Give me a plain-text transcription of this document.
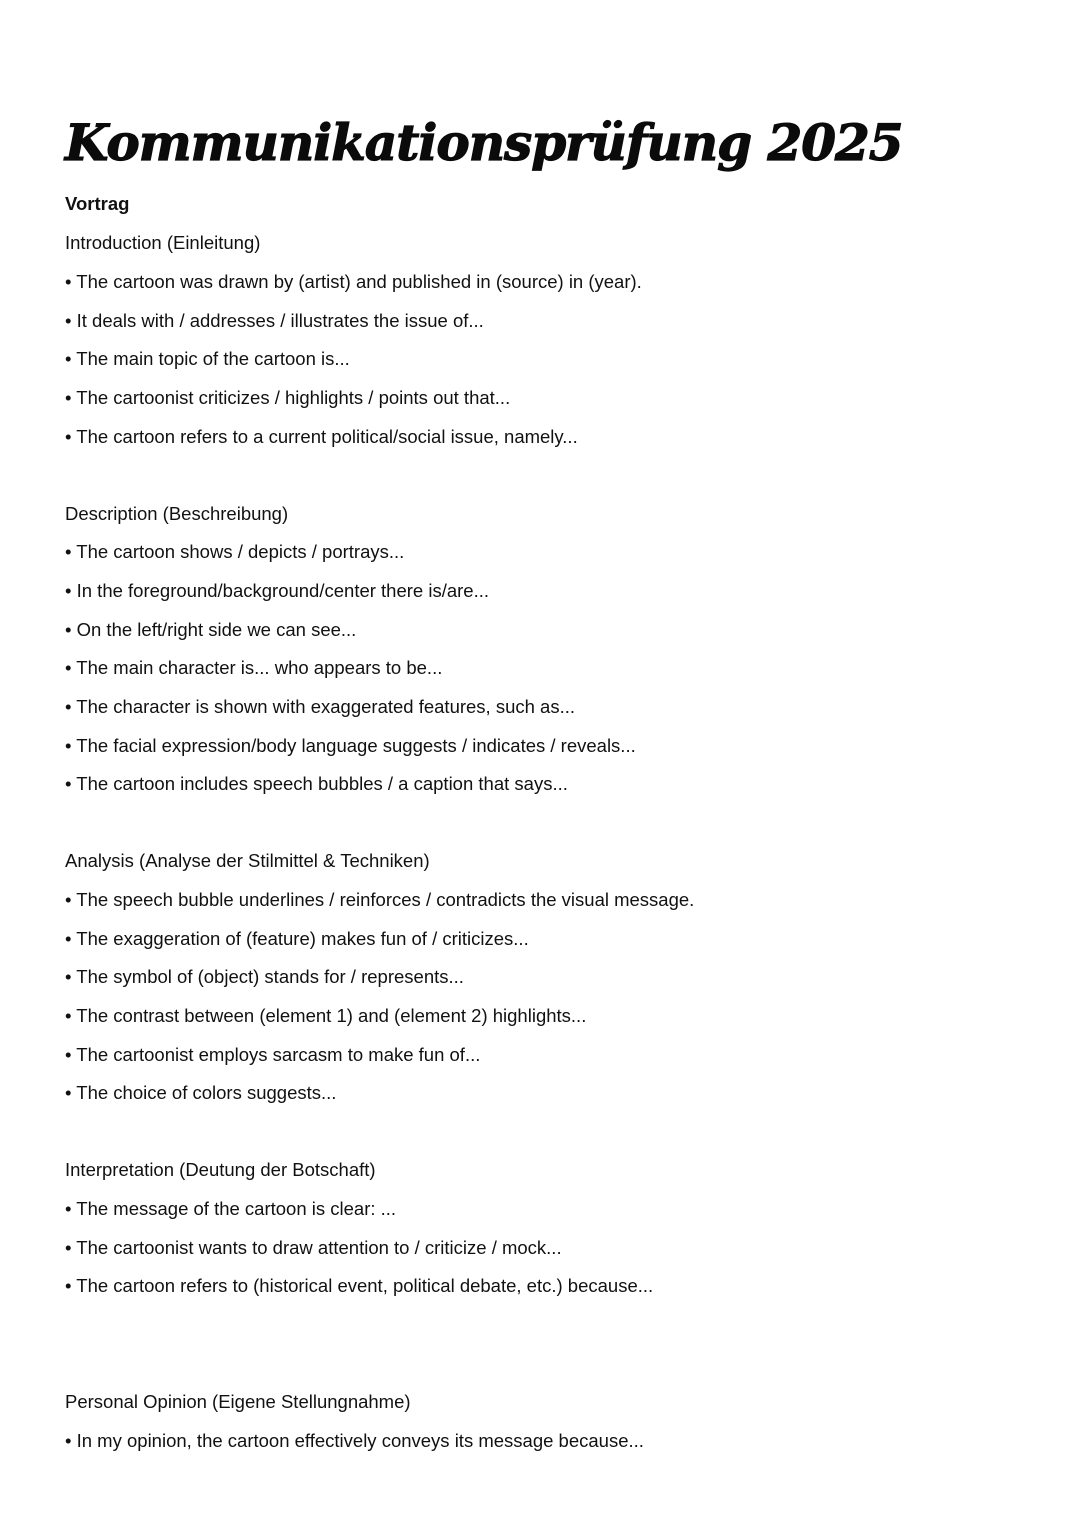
Kommunikationsprüfung 2025
Vortrag
Introduction (Einleitung)
• The cartoon was drawn by (artist) and published in (source) in (year).
• It deals with / addresses / illustrates the issue of...
• The main topic of the cartoon is...
• The cartoonist criticizes / highlights / points out that...
• The cartoon refers to a current political/social issue, namely...
Description (Beschreibung)
• The cartoon shows / depicts / portrays...
• In the foreground/background/center there is/are...
• On the left/right side we can see...
• The main character is... who appears to be...
• The character is shown with exaggerated features, such as...
• The facial expression/body language suggests / indicates / reveals...
• The cartoon includes speech bubbles / a caption that says...
Analysis (Analyse der Stilmittel & Techniken)
• The speech bubble underlines / reinforces / contradicts the visual message.
• The exaggeration of (feature) makes fun of / criticizes...
• The symbol of (object) stands for / represents...
• The contrast between (element 1) and (element 2) highlights...
• The cartoonist employs sarcasm to make fun of...
• The choice of colors suggests...
Interpretation (Deutung der Botschaft)
• The message of the cartoon is clear: ...
• The cartoonist wants to draw attention to / criticize / mock...
• The cartoon refers to (historical event, political debate, etc.) because...
Personal Opinion (Eigene Stellungnahme)
• In my opinion, the cartoon effectively conveys its message because...
